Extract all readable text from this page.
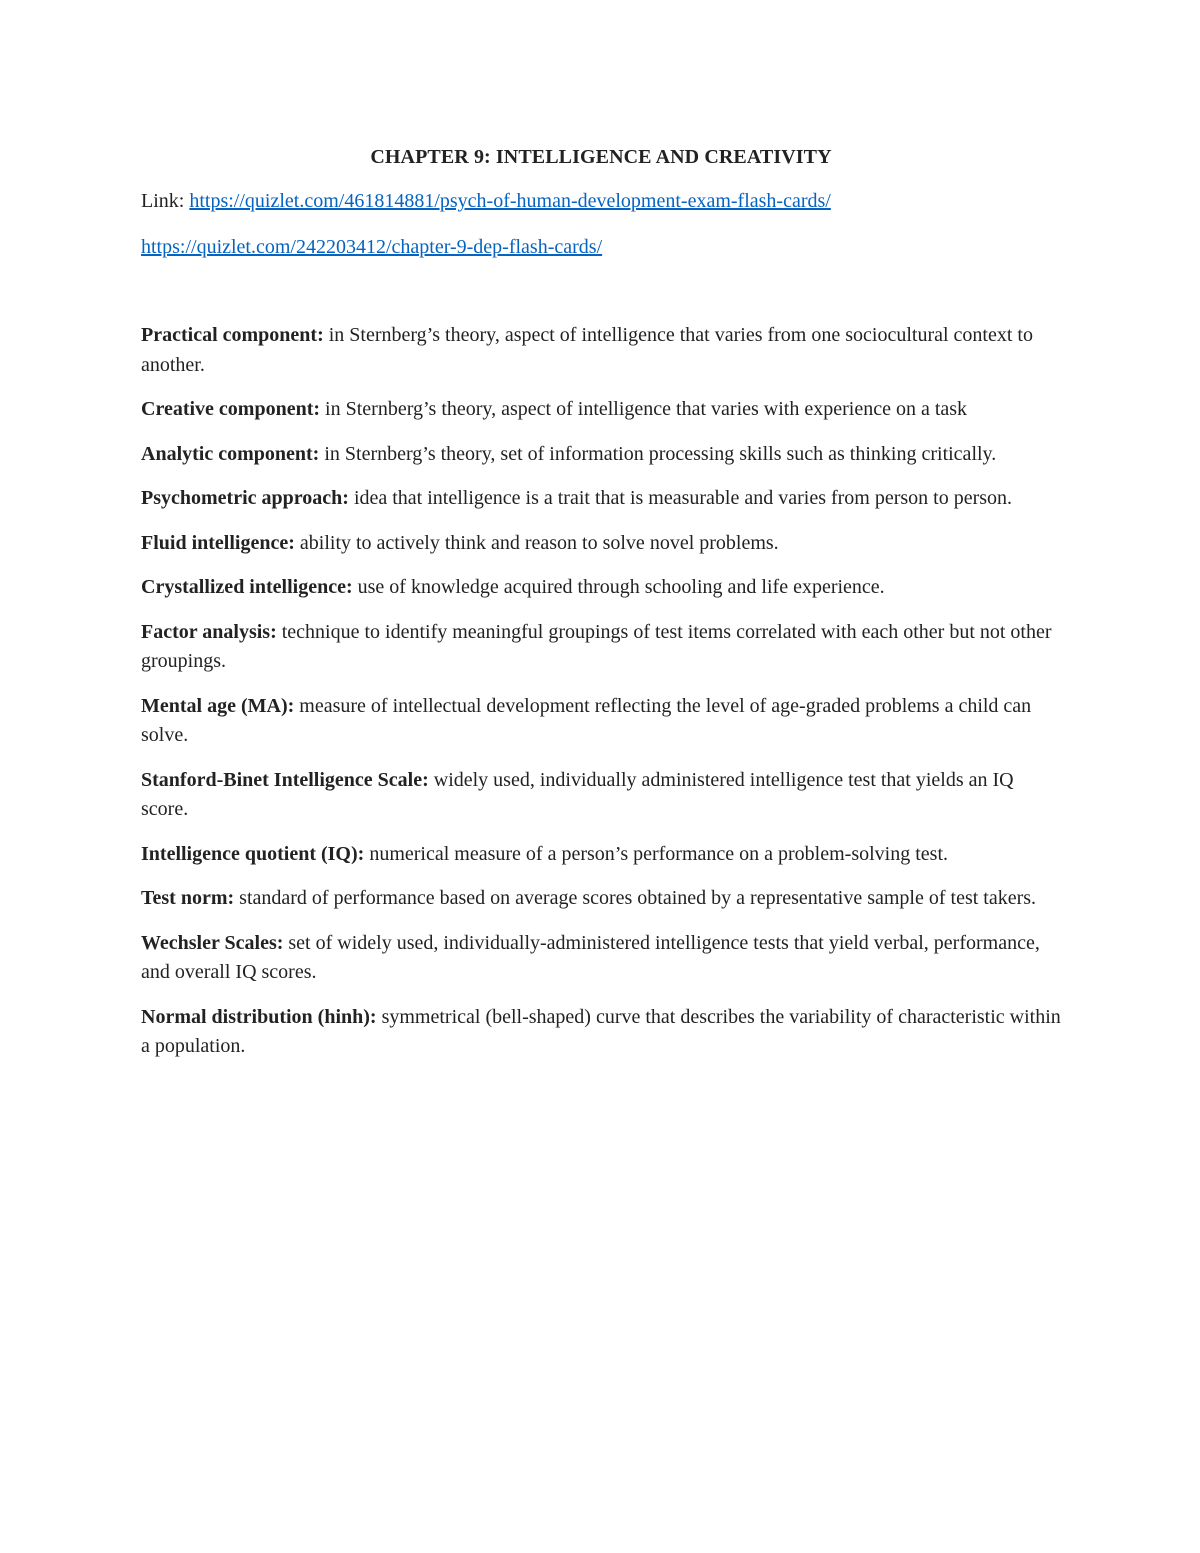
CHAPTER 9: INTELLIGENCE AND CREATIVITY
Link: https://quizlet.com/461814881/psych-of-human-development-exam-flash-cards/
https://quizlet.com/242203412/chapter-9-dep-flash-cards/
Practical component: in Sternberg’s theory, aspect of intelligence that varies from one sociocultural context to another.
Creative component: in Sternberg’s theory, aspect of intelligence that varies with experience on a task
Analytic component: in Sternberg’s theory, set of information processing skills such as thinking critically.
Psychometric approach: idea that intelligence is a trait that is measurable and varies from person to person.
Fluid intelligence: ability to actively think and reason to solve novel problems.
Crystallized intelligence: use of knowledge acquired through schooling and life experience.
Factor analysis: technique to identify meaningful groupings of test items correlated with each other but not other groupings.
Mental age (MA): measure of intellectual development reflecting the level of age-graded problems a child can solve.
Stanford-Binet Intelligence Scale: widely used, individually administered intelligence test that yields an IQ score.
Intelligence quotient (IQ): numerical measure of a person’s performance on a problem-solving test.
Test norm: standard of performance based on average scores obtained by a representative sample of test takers.
Wechsler Scales: set of widely used, individually-administered intelligence tests that yield verbal, performance, and overall IQ scores.
Normal distribution (hinh): symmetrical (bell-shaped) curve that describes the variability of characteristic within a population.
